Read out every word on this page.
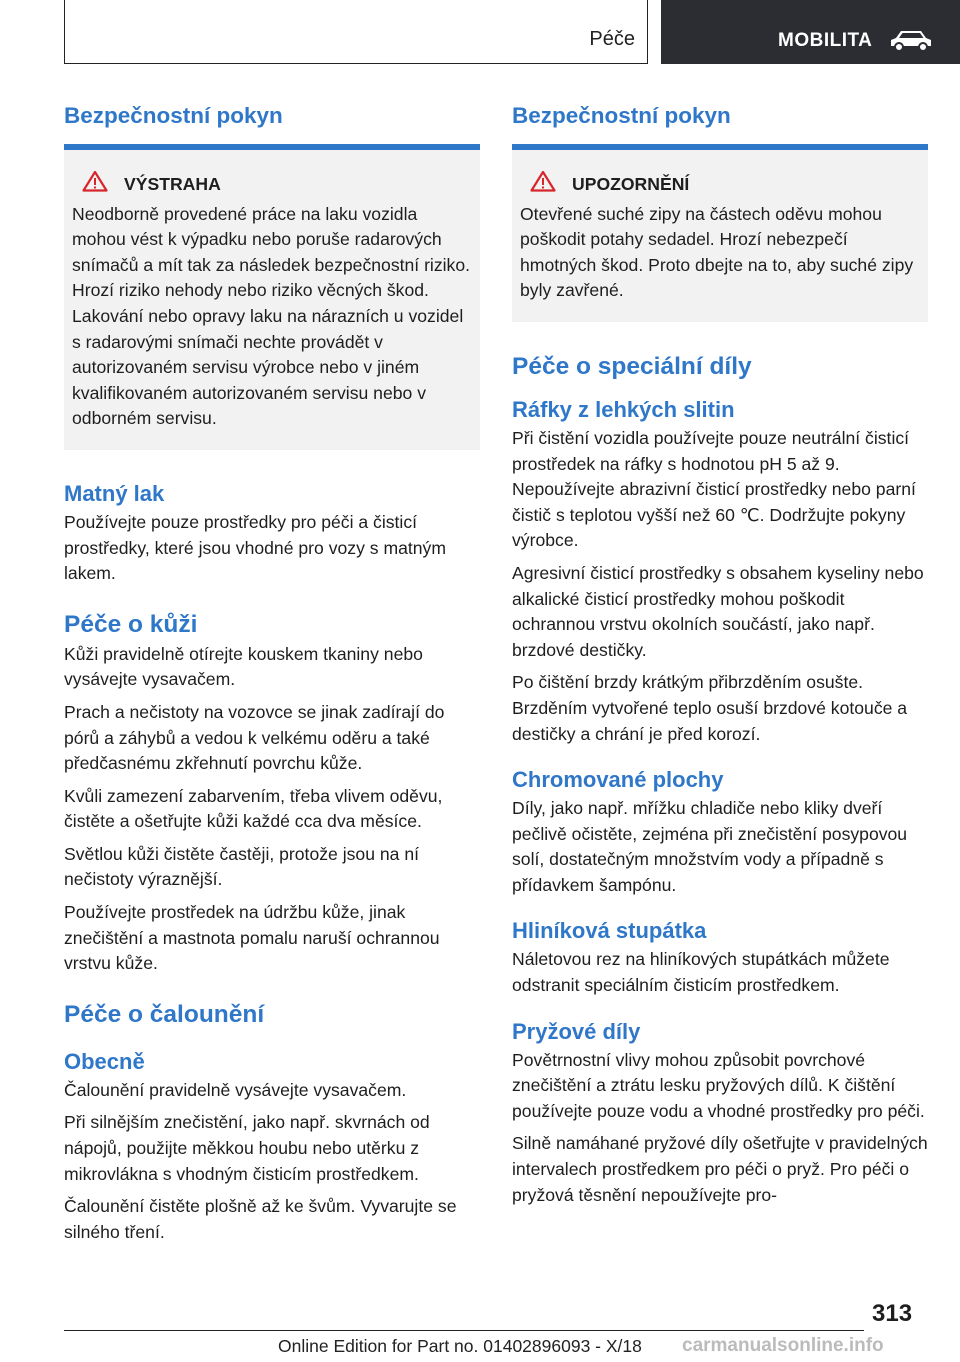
Péče	MOBILITA
Bezpečnostní pokyn
VÝSTRAHA
Neodborně provedené práce na laku vozidla mohou vést k výpadku nebo poruše radarových snímačů a mít tak za následek bezpečnostní riziko. Hrozí riziko nehody nebo riziko věcných škod. Lakování nebo opravy laku na nárazních u vozidel s radarovými snímači nechte provádět v autorizovaném servisu výrobce nebo v jiném kvalifikovaném autorizovaném servisu nebo v odborném servisu.
Matný lak

Používejte pouze prostředky pro péči a čisticí prostředky, které jsou vhodné pro vozy s matným lakem.

Péče o kůži

Kůži pravidelně otírejte kouskem tkaniny nebo vysávejte vysavačem.

Prach a nečistoty na vozovce se jinak zadírají do pórů a záhybů a vedou k velkému oděru a také předčasnému zkřehnutí povrchu kůže.

Kvůli zamezení zabarvením, třeba vlivem oděvu, čistěte a ošetřujte kůži každé cca dva měsíce.

Světlou kůži čistěte častěji, protože jsou na ní nečistoty výraznější.

Používejte prostředek na údržbu kůže, jinak znečištění a mastnota pomalu naruší ochrannou vrstvu kůže.

Péče o čalounění
Obecně

Čalounění pravidelně vysávejte vysavačem.

Při silnějším znečistění, jako např. skvrnách od nápojů, použijte měkkou houbu nebo utěrku z mikrovlákna s vhodným čisticím prostředkem.

Čalounění čistěte plošně až ke švům. Vyvarujte se silného tření.

Bezpečnostní pokyn
UPOZORNĚNÍ
Otevřené suché zipy na částech oděvu mohou poškodit potahy sedadel. Hrozí nebezpečí hmotných škod. Proto dbejte na to, aby suché zipy byly zavřené.
Péče o speciální díly
Ráfky z lehkých slitin

Při čistění vozidla používejte pouze neutrální čisticí prostředek na ráfky s hodnotou pH 5 až 9. Nepoužívejte abrazivní čisticí prostředky nebo parní čistič s teplotou vyšší než 60 ℃. Dodržujte pokyny výrobce.

Agresivní čisticí prostředky s obsahem kyseliny nebo alkalické čisticí prostředky mohou poškodit ochrannou vrstvu okolních součástí, jako např. brzdové destičky.

Po čištění brzdy krátkým přibrzděním osušte. Brzděním vytvořené teplo osuší brzdové kotouče a destičky a chrání je před korozí.

Chromované plochy

Díly, jako např. mřížku chladiče nebo kliky dveří pečlivě očistěte, zejména při znečistění posypovou solí, dostatečným množstvím vody a případně s přídavkem šampónu.

Hliníková stupátka

Náletovou rez na hliníkových stupátkách můžete odstranit speciálním čisticím prostředkem.

Pryžové díly

Povětrnostní vlivy mohou způsobit povrchové znečištění a ztrátu lesku pryžových dílů. K čištění používejte pouze vodu a vhodné prostředky pro péči.

Silně namáhané pryžové díly ošetřujte v pravidelných intervalech prostředkem pro péči o pryž. Pro péči o pryžová těsnění nepoužívejte pro-

313
Online Edition for Part no. 01402896093 - X/18 carmanualsonline.info
